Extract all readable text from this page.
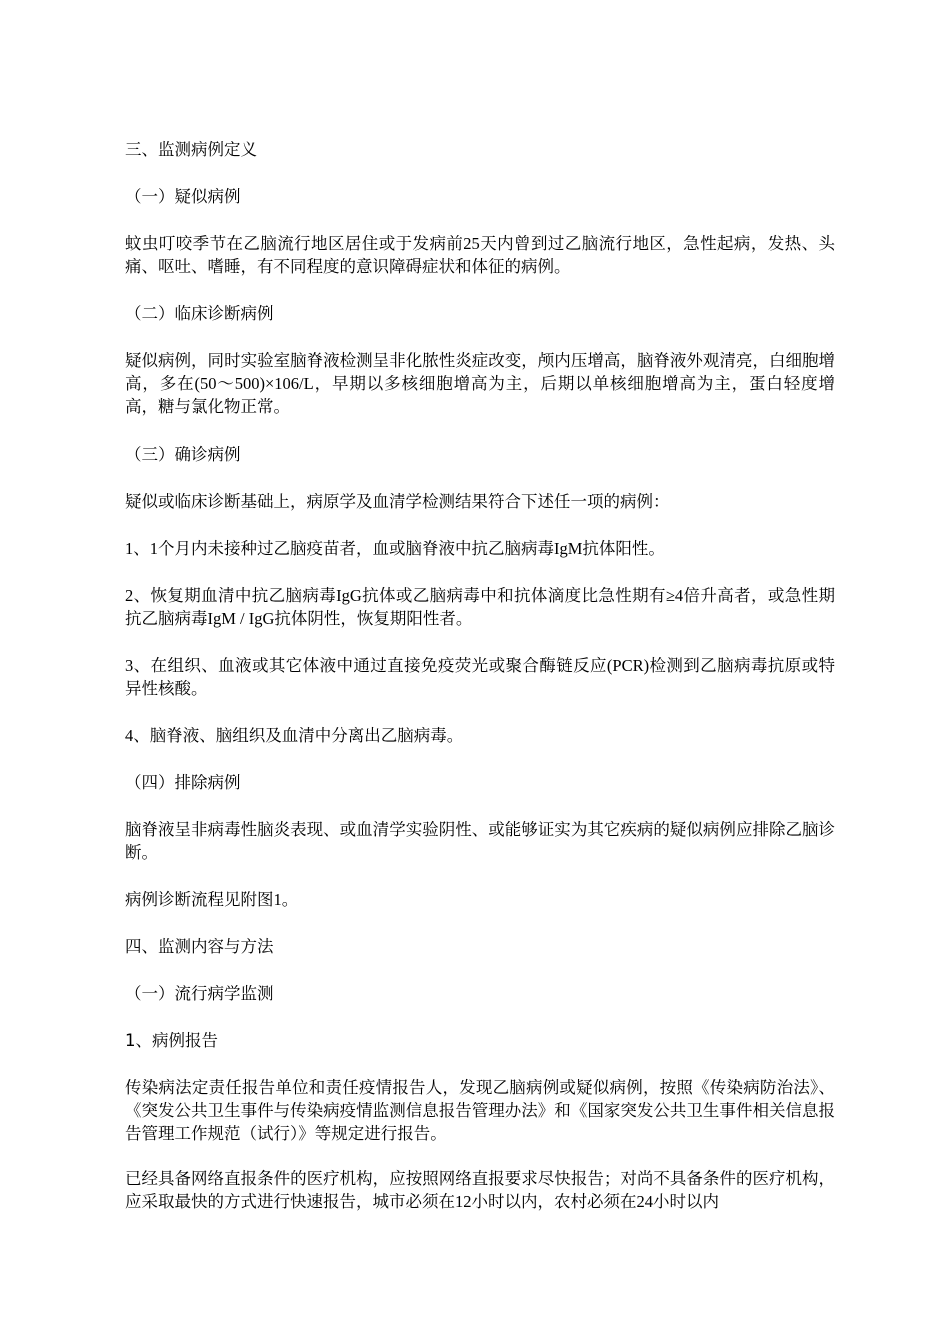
三、监测病例定义

（一）疑似病例

蚊虫叮咬季节在乙脑流行地区居住或于发病前25天内曾到过乙脑流行地区，急性起病，发热、头痛、呕吐、嗜睡，有不同程度的意识障碍症状和体征的病例。

（二）临床诊断病例

疑似病例，同时实验室脑脊液检测呈非化脓性炎症改变，颅内压增高，脑脊液外观清亮，白细胞增高，多在(50～500)×106/L，早期以多核细胞增高为主，后期以单核细胞增高为主，蛋白轻度增高，糖与氯化物正常。

（三）确诊病例

疑似或临床诊断基础上，病原学及血清学检测结果符合下述任一项的病例：

1、1个月内未接种过乙脑疫苗者，血或脑脊液中抗乙脑病毒IgM抗体阳性。

2、恢复期血清中抗乙脑病毒IgG抗体或乙脑病毒中和抗体滴度比急性期有≥4倍升高者，或急性期抗乙脑病毒IgM / IgG抗体阴性，恢复期阳性者。

3、在组织、血液或其它体液中通过直接免疫荧光或聚合酶链反应(PCR)检测到乙脑病毒抗原或特异性核酸。

4、脑脊液、脑组织及血清中分离出乙脑病毒。

（四）排除病例

脑脊液呈非病毒性脑炎表现、或血清学实验阴性、或能够证实为其它疾病的疑似病例应排除乙脑诊断。

病例诊断流程见附图1。

四、监测内容与方法

（一）流行病学监测

1、病例报告

传染病法定责任报告单位和责任疫情报告人，发现乙脑病例或疑似病例，按照《传染病防治法》、《突发公共卫生事件与传染病疫情监测信息报告管理办法》和《国家突发公共卫生事件相关信息报告管理工作规范（试行）》等规定进行报告。

已经具备网络直报条件的医疗机构，应按照网络直报要求尽快报告；对尚不具备条件的医疗机构，应采取最快的方式进行快速报告，城市必须在12小时以内，农村必须在24小时以内
